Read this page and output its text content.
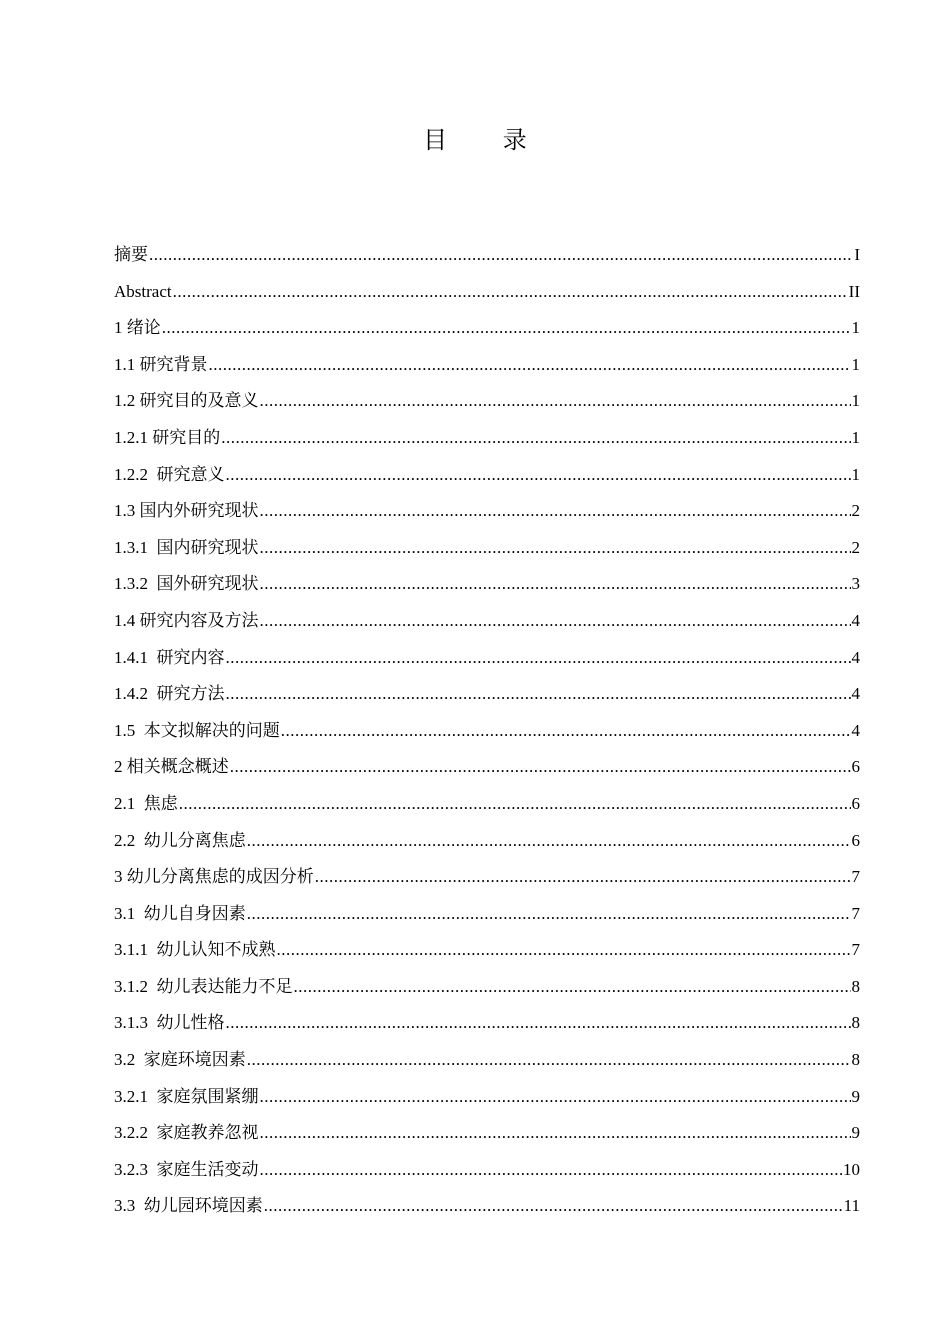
目 录
摘要 .....	I
Abstract .....	II
1 绪论 .....	1
1.1 研究背景 .....	1
1.2 研究目的及意义 .....	1
1.2.1 研究目的 .....	1
1.2.2  研究意义 .....	1
1.3 国内外研究现状 .....	2
1.3.1  国内研究现状 .....	2
1.3.2  国外研究现状 .....	3
1.4 研究内容及方法 .....	4
1.4.1  研究内容 .....	4
1.4.2  研究方法 .....	4
1.5  本文拟解决的问题 .....	4
2 相关概念概述 .....	6
2.1  焦虑 .....	6
2.2  幼儿分离焦虑 .....	6
3 幼儿分离焦虑的成因分析 .....	7
3.1  幼儿自身因素 .....	7
3.1.1  幼儿认知不成熟 .....	7
3.1.2  幼儿表达能力不足 .....	8
3.1.3  幼儿性格 .....	8
3.2  家庭环境因素 .....	8
3.2.1  家庭氛围紧绷 .....	9
3.2.2  家庭教养忽视 .....	9
3.2.3  家庭生活变动 .....	10
3.3  幼儿园环境因素 .....	11
